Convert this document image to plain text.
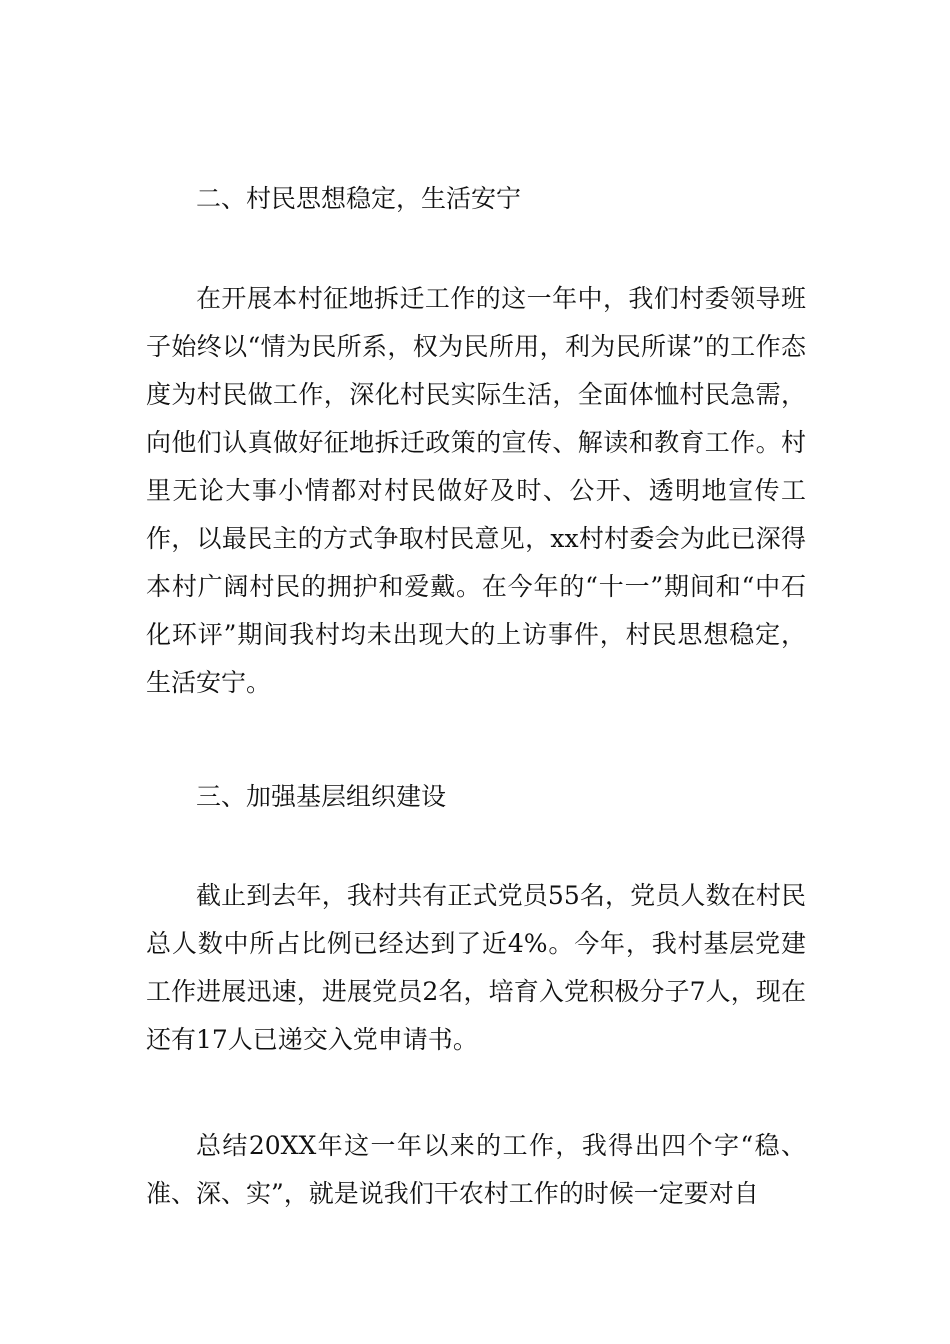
二、村民思想稳定，生活安宁

在开展本村征地拆迁工作的这一年中，我们村委领导班子始终以“情为民所系，权为民所用，利为民所谋”的工作态度为村民做工作，深化村民实际生活，全面体恤村民急需，向他们认真做好征地拆迁政策的宣传、解读和教育工作。村里无论大事小情都对村民做好及时、公开、透明地宣传工作，以最民主的方式争取村民意见，xx村村委会为此已深得本村广阔村民的拥护和爱戴。在今年的“十一”期间和“中石化环评”期间我村均未出现大的上访事件，村民思想稳定，生活安宁。

三、加强基层组织建设

截止到去年，我村共有正式党员55名，党员人数在村民总人数中所占比例已经达到了近4%。今年，我村基层党建工作进展迅速，进展党员2名，培育入党积极分子7人，现在还有17人已递交入党申请书。

总结20XX年这一年以来的工作，我得出四个字“稳、准、深、实”，就是说我们干农村工作的时候一定要对自
